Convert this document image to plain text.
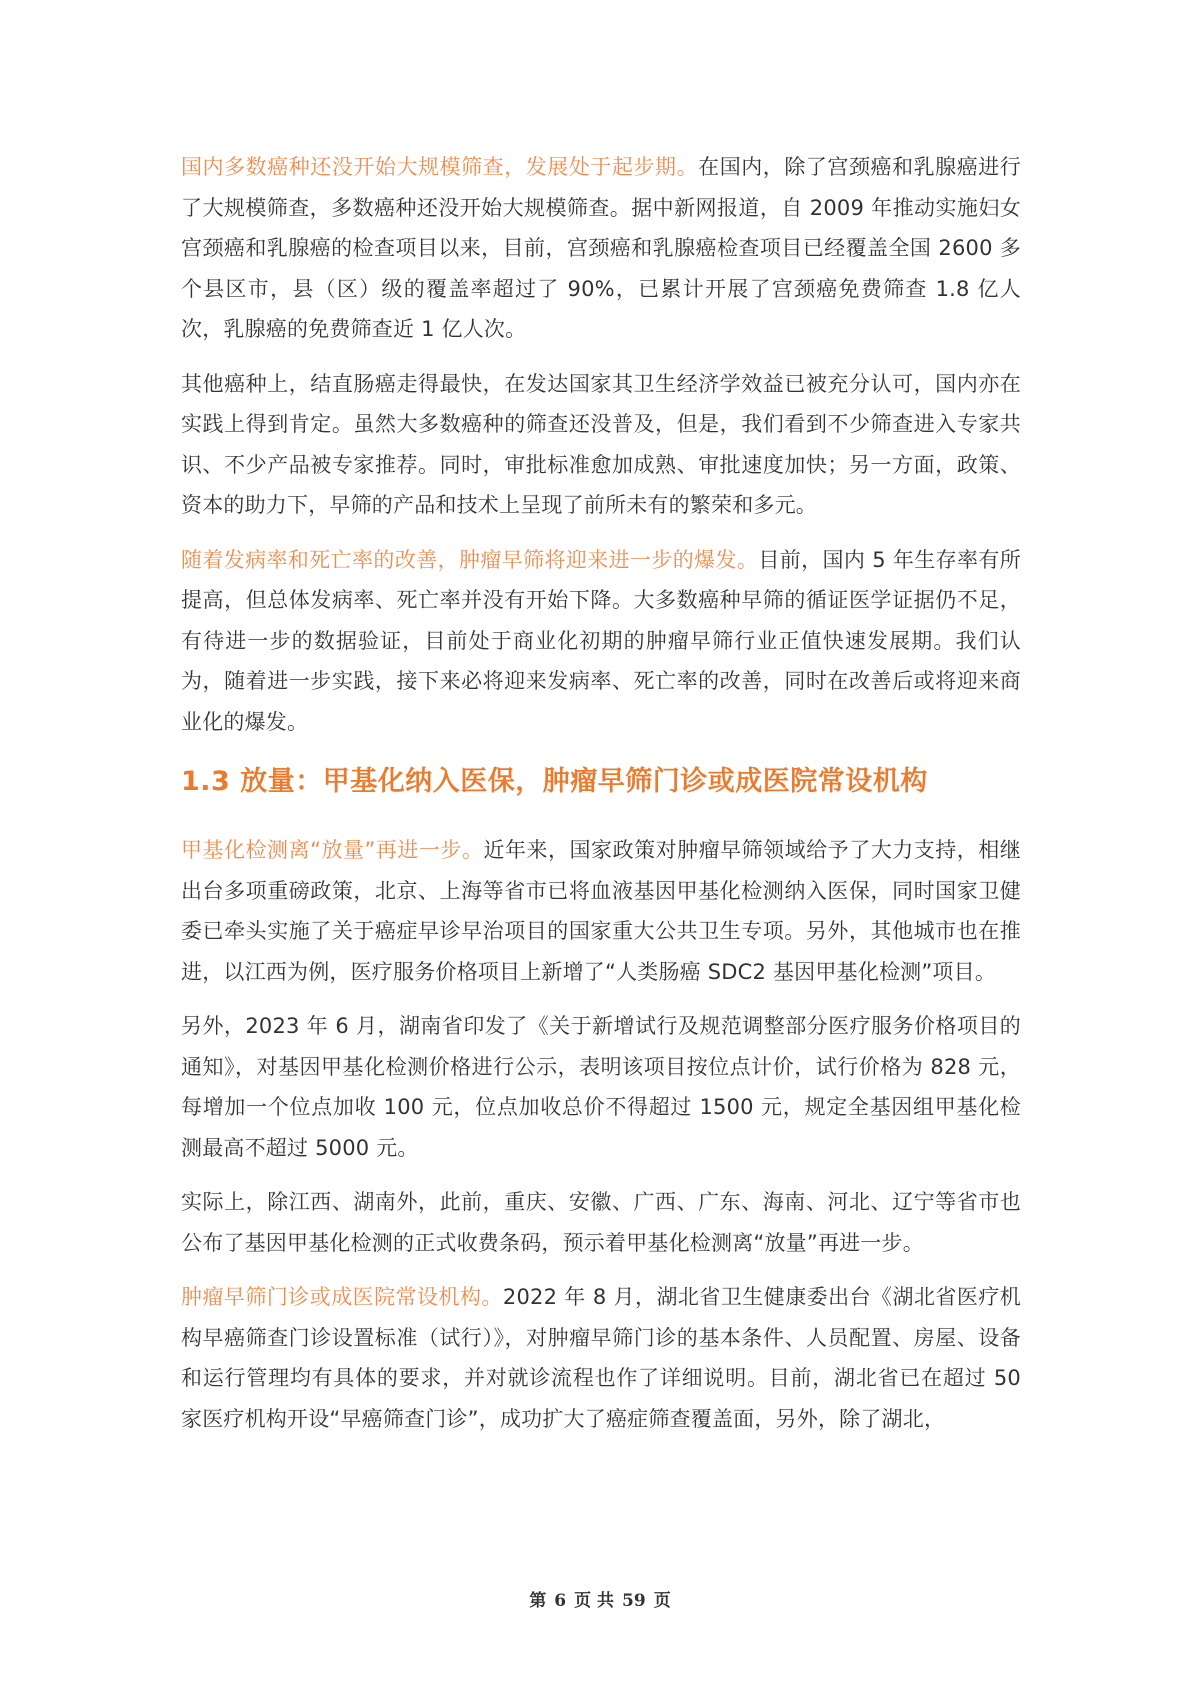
国内多数癌种还没开始大规模筛查，发展处于起步期。在国内，除了宫颈癌和乳腺癌进行了大规模筛查，多数癌种还没开始大规模筛查。据中新网报道，自 2009 年推动实施妇女宫颈癌和乳腺癌的检查项目以来，目前，宫颈癌和乳腺癌检查项目已经覆盖全国 2600 多个县区市，县（区）级的覆盖率超过了 90%，已累计开展了宫颈癌免费筛查 1.8 亿人次，乳腺癌的免费筛查近 1 亿人次。

其他癌种上，结直肠癌走得最快，在发达国家其卫生经济学效益已被充分认可，国内亦在实践上得到肯定。虽然大多数癌种的筛查还没普及，但是，我们看到不少筛查进入专家共识、不少产品被专家推荐。同时，审批标准愈加成熟、审批速度加快；另一方面，政策、资本的助力下，早筛的产品和技术上呈现了前所未有的繁荣和多元。

随着发病率和死亡率的改善，肿瘤早筛将迎来进一步的爆发。目前，国内 5 年生存率有所提高，但总体发病率、死亡率并没有开始下降。大多数癌种早筛的循证医学证据仍不足，有待进一步的数据验证，目前处于商业化初期的肿瘤早筛行业正值快速发展期。我们认为，随着进一步实践，接下来必将迎来发病率、死亡率的改善，同时在改善后或将迎来商业化的爆发。

1.3 放量：甲基化纳入医保，肿瘤早筛门诊或成医院常设机构

甲基化检测离“放量”再进一步。近年来，国家政策对肿瘤早筛领域给予了大力支持，相继出台多项重磅政策，北京、上海等省市已将血液基因甲基化检测纳入医保，同时国家卫健委已牵头实施了关于癌症早诊早治项目的国家重大公共卫生专项。另外，其他城市也在推进，以江西为例，医疗服务价格项目上新增了“人类肠癌 SDC2 基因甲基化检测”项目。

另外，2023 年 6 月，湖南省印发了《关于新增试行及规范调整部分医疗服务价格项目的通知》，对基因甲基化检测价格进行公示，表明该项目按位点计价，试行价格为 828 元，每增加一个位点加收 100 元，位点加收总价不得超过 1500 元，规定全基因组甲基化检测最高不超过 5000 元。

实际上，除江西、湖南外，此前，重庆、安徽、广西、广东、海南、河北、辽宁等省市也公布了基因甲基化检测的正式收费条码，预示着甲基化检测离“放量”再进一步。

肿瘤早筛门诊或成医院常设机构。2022 年 8 月，湖北省卫生健康委出台《湖北省医疗机构早癌筛查门诊设置标准（试行）》，对肿瘤早筛门诊的基本条件、人员配置、房屋、设备和运行管理均有具体的要求，并对就诊流程也作了详细说明。目前，湖北省已在超过 50 家医疗机构开设“早癌筛查门诊”，成功扩大了癌症筛查覆盖面，另外，除了湖北，

第 6 页 共 59 页
